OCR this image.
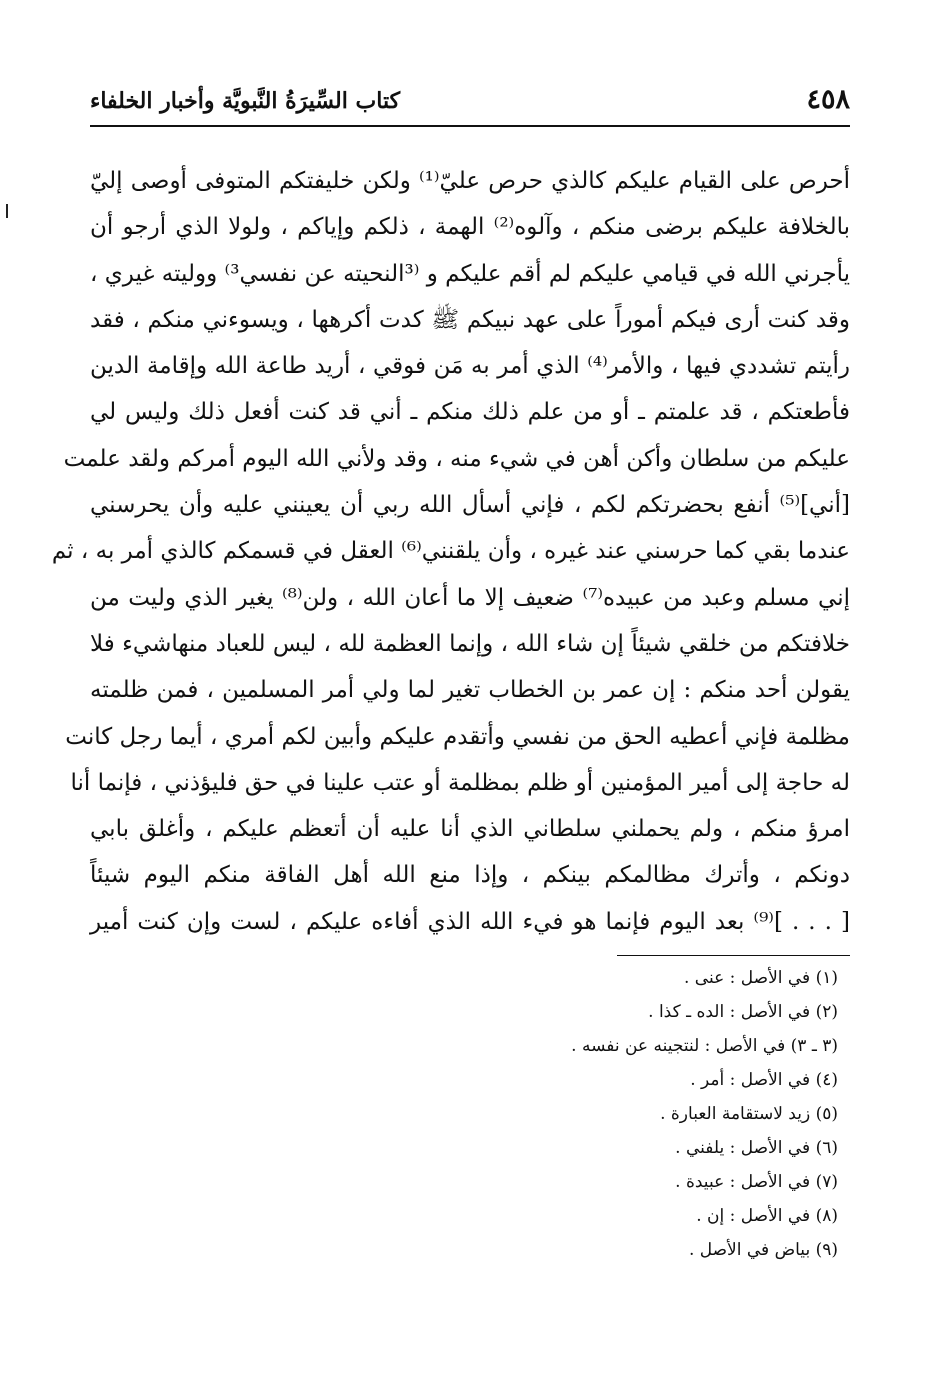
٤٥٨
كتاب السِّيرَةُ النَّبويَّة وأخبار الخلفاء
أحرص على القيام عليكم كالذي حرص عليّ⁽¹⁾ ولكن خليفتكم المتوفى أوصى إليّ
بالخلافة عليكم برضى منكم ، وآلوه⁽²⁾ الهمة ، ذلكم وإياكم ، ولولا الذي أرجو أن
يأجرني الله في قيامي عليكم لم أقم عليكم و ⁽³النحيته عن نفسي³⁾ ووليته غيري ،
وقد كنت أرى فيكم أموراً على عهد نبيكم ﷺ كدت أكرهها ، ويسوءني منكم ، فقد
رأيتم تشددي فيها ، والأمر⁽⁴⁾ الذي أمر به مَن فوقي ، أريد طاعة الله وإقامة الدين
فأطعتكم ، قد علمتم ـ أو من علم ذلك منكم ـ أني قد كنت أفعل ذلك وليس لي
عليكم من سلطان وأكن أهن في شيء منه ، وقد ولأني الله اليوم أمركم ولقد علمت
[أني]⁽⁵⁾ أنفع بحضرتكم لكم ، فإني أسأل الله ربي أن يعينني عليه وأن يحرسني
عندما بقي كما حرسني عند غيره ، وأن يلقنني⁽⁶⁾ العقل في قسمكم كالذي أمر به ، ثم
إني مسلم وعبد من عبيده⁽⁷⁾ ضعيف إلا ما أعان الله ، ولن⁽⁸⁾ يغير الذي وليت من
خلافتكم من خلقي شيئاً إن شاء الله ، وإنما العظمة لله ، ليس للعباد منهاشيء فلا
يقولن أحد منكم : إن عمر بن الخطاب تغير لما ولي أمر المسلمين ، فمن ظلمته
مظلمة فإني أعطيه الحق من نفسي وأتقدم عليكم وأبين لكم أمري ، أيما رجل كانت
له حاجة إلى أمير المؤمنين أو ظلم بمظلمة أو عتب علينا في حق فليؤذني ، فإنما أنا
امرؤ منكم ، ولم يحملني سلطاني الذي أنا عليه أن أتعظم عليكم ، وأغلق بابي
دونكم ، وأترك مظالمكم بينكم ، وإذا منع الله أهل الفاقة منكم اليوم شيئاً
[ . . . ]⁽⁹⁾ بعد اليوم فإنما هو فيء الله الذي أفاءه عليكم ، لست وإن كنت أمير
(١) في الأصل : عنى .
(٢) في الأصل : الده ـ كذا .
(٣ ـ ٣) في الأصل : لنتجينه عن نفسه .
(٤) في الأصل : أمر .
(٥) زيد لاستقامة العبارة .
(٦) في الأصل : يلفني .
(٧) في الأصل : عبيدة .
(٨) في الأصل : إن .
(٩) بياض في الأصل .
